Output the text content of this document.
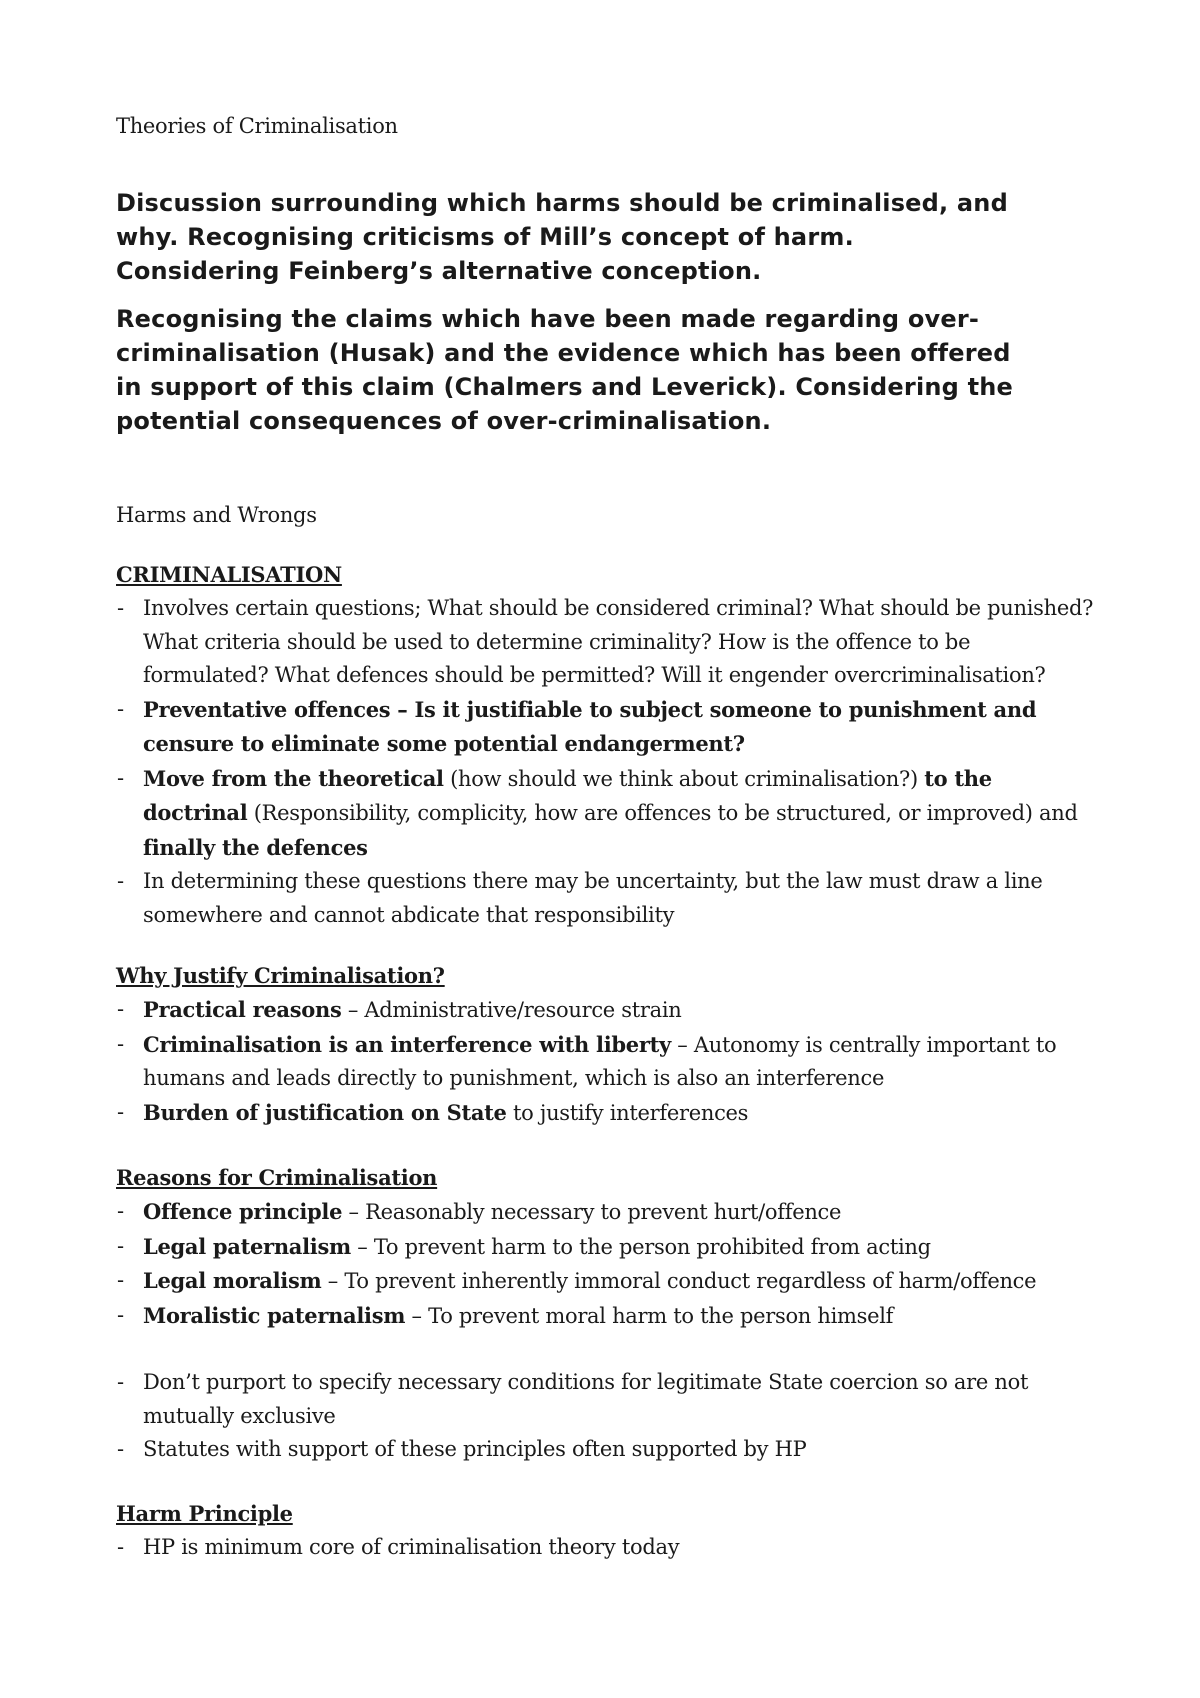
Theories of Criminalisation

Discussion surrounding which harms should be criminalised, and why. Recognising criticisms of Mill’s concept of harm. Considering Feinberg’s alternative conception.

Recognising the claims which have been made regarding over-criminalisation (Husak) and the evidence which has been offered in support of this claim (Chalmers and Leverick). Considering the potential consequences of over-criminalisation.

Harms and Wrongs
CRIMINALISATION
- Involves certain questions; What should be considered criminal? What should be punished? What criteria should be used to determine criminality? How is the offence to be formulated? What defences should be permitted? Will it engender overcriminalisation?
- Preventative offences – Is it justifiable to subject someone to punishment and censure to eliminate some potential endangerment?
- Move from the theoretical (how should we think about criminalisation?) to the doctrinal (Responsibility, complicity, how are offences to be structured, or improved) and finally the defences
- In determining these questions there may be uncertainty, but the law must draw a line somewhere and cannot abdicate that responsibility
Why Justify Criminalisation?
- Practical reasons – Administrative/resource strain
- Criminalisation is an interference with liberty – Autonomy is centrally important to humans and leads directly to punishment, which is also an interference
- Burden of justification on State to justify interferences
Reasons for Criminalisation
- Offence principle – Reasonably necessary to prevent hurt/offence
- Legal paternalism – To prevent harm to the person prohibited from acting
- Legal moralism – To prevent inherently immoral conduct regardless of harm/offence
- Moralistic paternalism – To prevent moral harm to the person himself
- Don’t purport to specify necessary conditions for legitimate State coercion so are not mutually exclusive
- Statutes with support of these principles often supported by HP
Harm Principle
- HP is minimum core of criminalisation theory today
